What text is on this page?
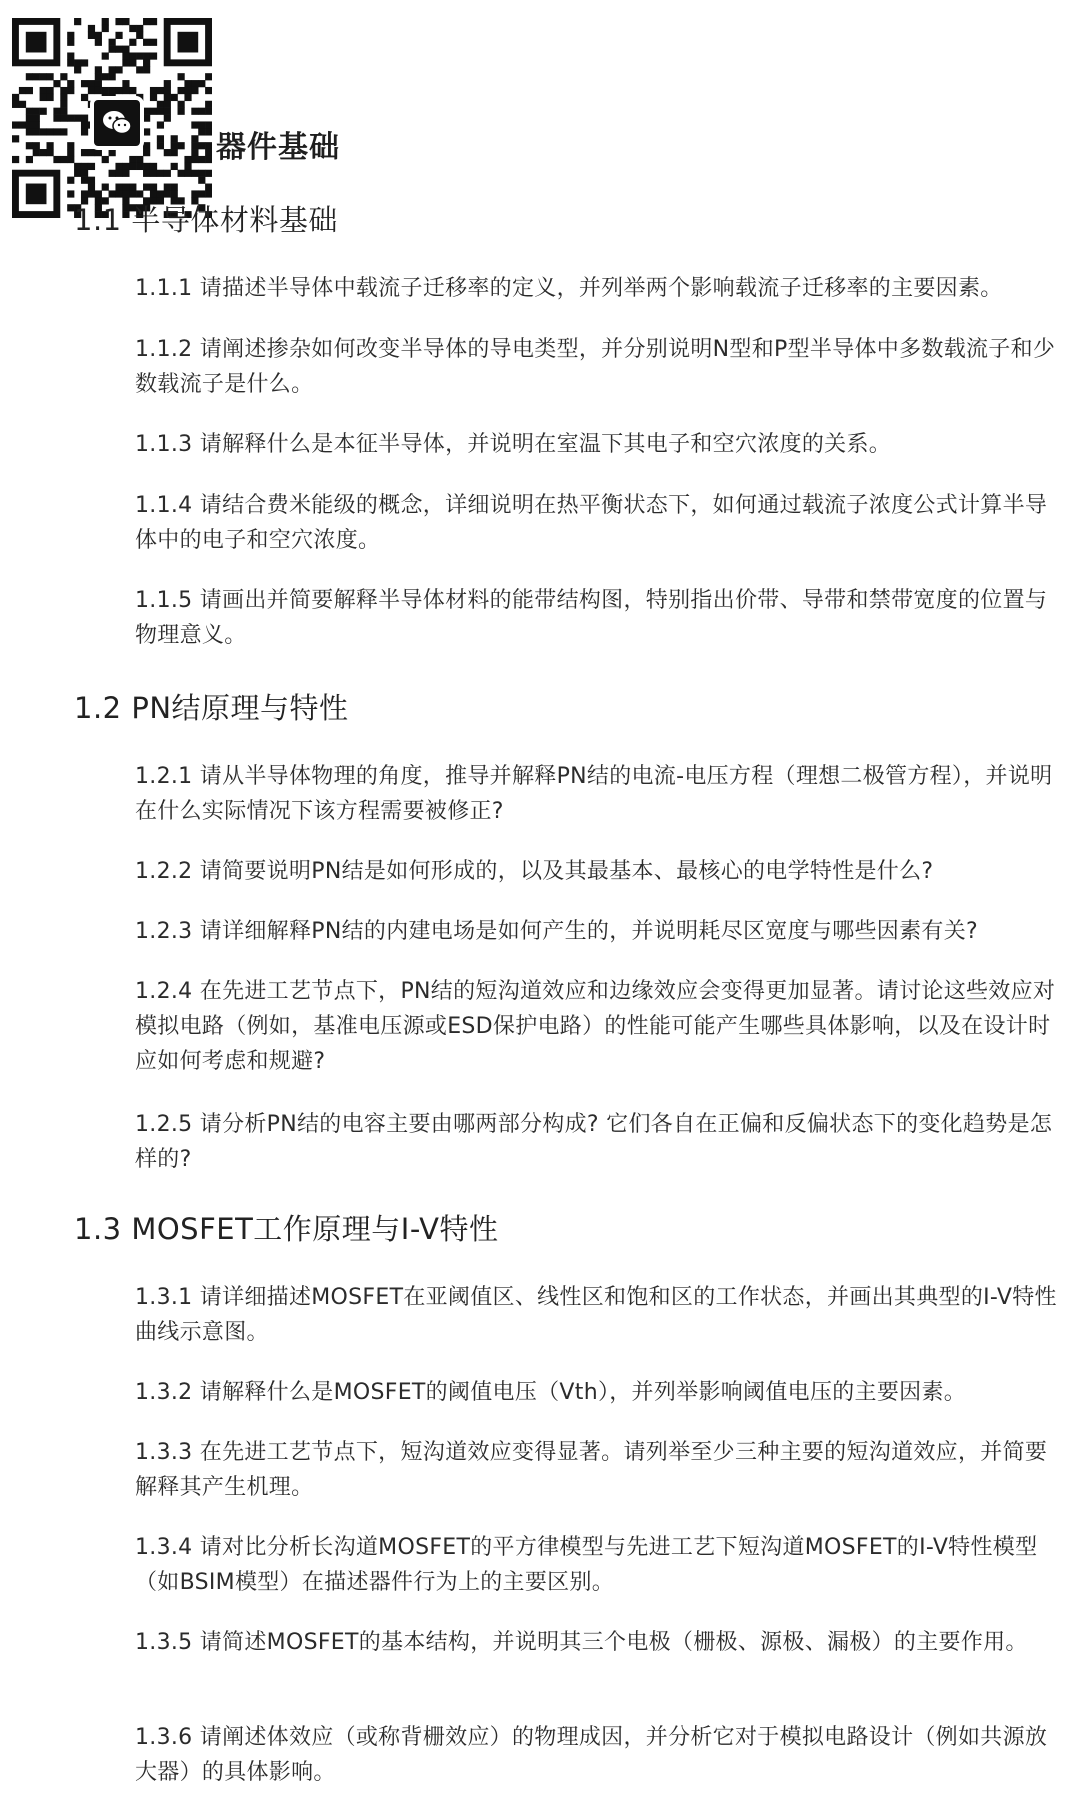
器件基础
1.1 半导体材料基础
1.1.1 请描述半导体中载流子迁移率的定义，并列举两个影响载流子迁移率的主要因素。
1.1.2 请阐述掺杂如何改变半导体的导电类型，并分别说明N型和P型半导体中多数载流子和少数载流子是什么。
1.1.3 请解释什么是本征半导体，并说明在室温下其电子和空穴浓度的关系。
1.1.4 请结合费米能级的概念，详细说明在热平衡状态下，如何通过载流子浓度公式计算半导体中的电子和空穴浓度。
1.1.5 请画出并简要解释半导体材料的能带结构图，特别指出价带、导带和禁带宽度的位置与物理意义。
1.2 PN结原理与特性
1.2.1 请从半导体物理的角度，推导并解释PN结的电流-电压方程（理想二极管方程），并说明在什么实际情况下该方程需要被修正?
1.2.2 请简要说明PN结是如何形成的，以及其最基本、最核心的电学特性是什么?
1.2.3 请详细解释PN结的内建电场是如何产生的，并说明耗尽区宽度与哪些因素有关?
1.2.4 在先进工艺节点下，PN结的短沟道效应和边缘效应会变得更加显著。请讨论这些效应对模拟电路（例如，基准电压源或ESD保护电路）的性能可能产生哪些具体影响，以及在设计时应如何考虑和规避?
1.2.5 请分析PN结的电容主要由哪两部分构成? 它们各自在正偏和反偏状态下的变化趋势是怎样的?
1.3 MOSFET工作原理与I-V特性
1.3.1 请详细描述MOSFET在亚阈值区、线性区和饱和区的工作状态，并画出其典型的I-V特性曲线示意图。
1.3.2 请解释什么是MOSFET的阈值电压（Vth），并列举影响阈值电压的主要因素。
1.3.3 在先进工艺节点下，短沟道效应变得显著。请列举至少三种主要的短沟道效应，并简要解释其产生机理。
1.3.4 请对比分析长沟道MOSFET的平方律模型与先进工艺下短沟道MOSFET的I-V特性模型（如BSIM模型）在描述器件行为上的主要区别。
1.3.5 请简述MOSFET的基本结构，并说明其三个电极（栅极、源极、漏极）的主要作用。
1.3.6 请阐述体效应（或称背栅效应）的物理成因，并分析它对于模拟电路设计（例如共源放大器）的具体影响。
